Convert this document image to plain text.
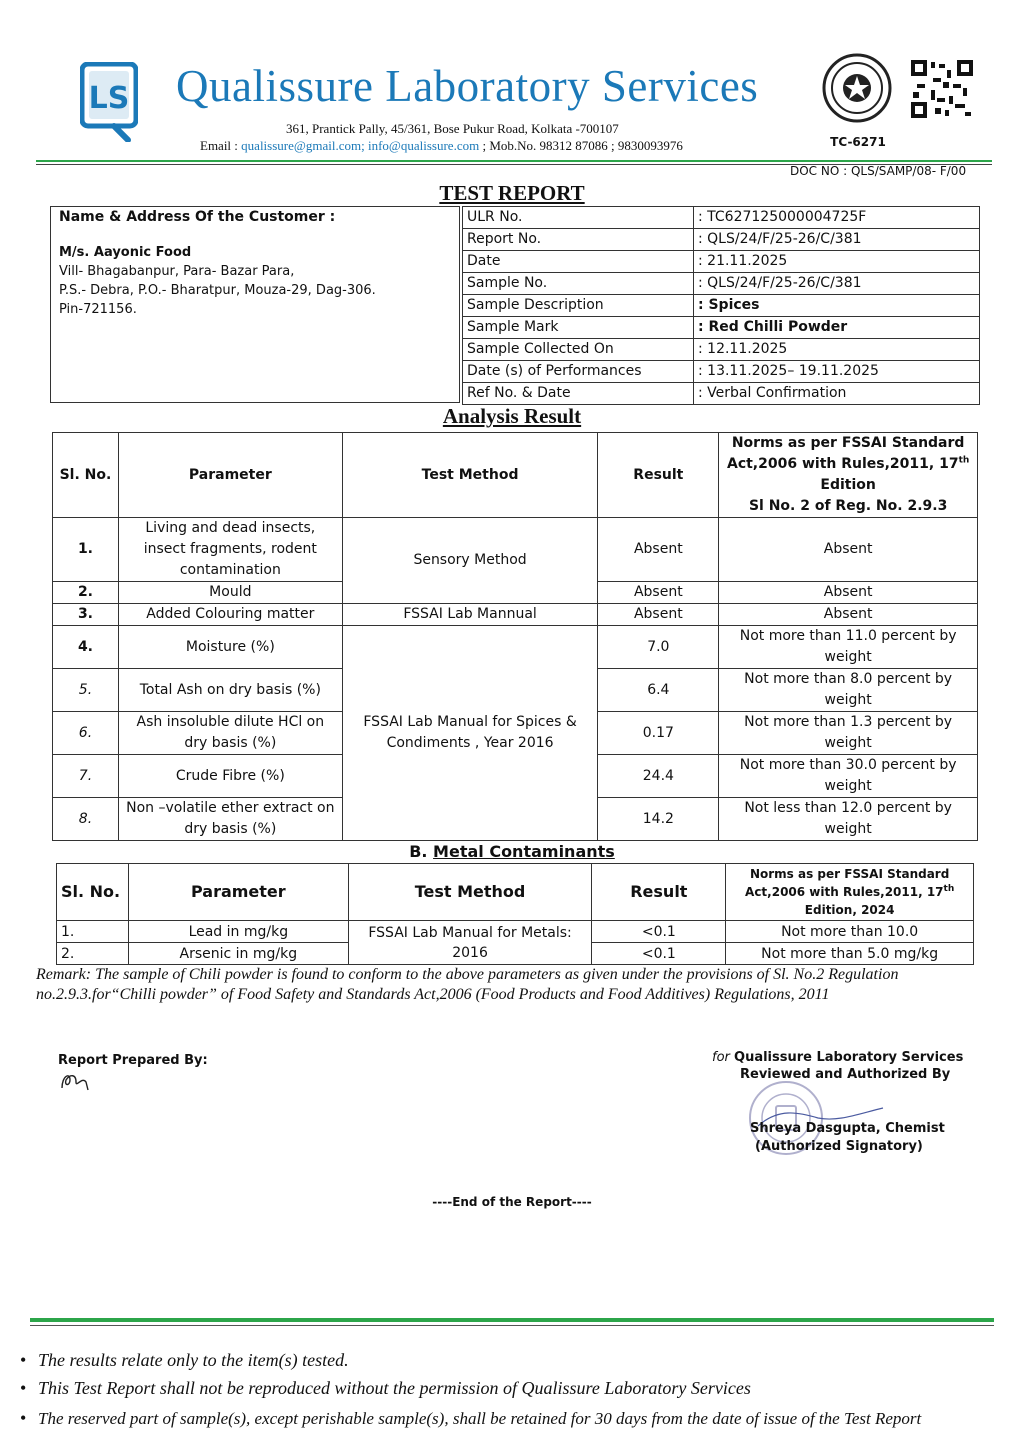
LS Qualissure Laboratory Services
361, Prantick Pally, 45/361, Bose Pukur Road, Kolkata -700107
Email : qualissure@gmail.com; info@qualissure.com ; Mob.No. 98312 87086 ; 9830093976	TC-6271
DOC NO : QLS/SAMP/08- F/00
TEST REPORT
Name & Address Of the Customer :
M/s. Aayonic Food
Vill- Bhagabanpur, Para- Bazar Para,
P.S.- Debra, P.O.- Bharatpur, Mouza-29, Dag-306.
Pin-721156.
ULR No.	: TC627125000004725F
Report No.	: QLS/24/F/25-26/C/381
Date	: 21.11.2025
Sample No.	: QLS/24/F/25-26/C/381
Sample Description	: Spices
Sample Mark	: Red Chilli Powder
Sample Collected On	: 12.11.2025
Date (s) of Performances	: 13.11.2025– 19.11.2025
Ref No. & Date	: Verbal Confirmation
Analysis Result
Sl. No.	Parameter	Test Method	Result	Norms as per FSSAI Standard Act,2006 with Rules,2011, 17th Edition
Sl No. 2 of Reg. No. 2.9.3
1.	Living and dead insects, insect fragments, rodent contamination	Sensory Method	Absent	Absent
2.	Mould		Absent	Absent
3.	Added Colouring matter	FSSAI Lab Mannual	Absent	Absent
4.	Moisture (%)	FSSAI Lab Manual for Spices & Condiments , Year 2016	7.0	Not more than 11.0 percent by weight
5.	Total Ash on dry basis (%)		6.4	Not more than 8.0 percent by weight
6.	Ash insoluble dilute HCl on dry basis (%)		0.17	Not more than 1.3 percent by weight
7.	Crude Fibre (%)		24.4	Not more than 30.0 percent by weight
8.	Non –volatile ether extract on dry basis (%)		14.2	Not less than 12.0 percent by weight
B. Metal Contaminants
Sl. No.	Parameter	Test Method	Result	Norms as per FSSAI Standard Act,2006 with Rules,2011, 17th Edition, 2024
1.	Lead in mg/kg	FSSAI Lab Manual for Metals: 2016	<0.1	Not more than 10.0
2.	Arsenic in mg/kg		<0.1	Not more than 5.0 mg/kg
Remark: The sample of Chili powder is found to conform to the above parameters as given under the provisions of Sl. No.2 Regulation no.2.9.3.for“Chilli powder” of Food Safety and Standards Act,2006 (Food Products and Food Additives) Regulations, 2011
Report Prepared By:	for Qualissure Laboratory Services
Reviewed and Authorized By
Shreya Dasgupta, Chemist
(Authorized Signatory)
----End of the Report----
• The results relate only to the item(s) tested.
• This Test Report shall not be reproduced without the permission of Qualissure Laboratory Services
• The reserved part of sample(s), except perishable sample(s), shall be retained for 30 days from the date of issue of the Test Report
